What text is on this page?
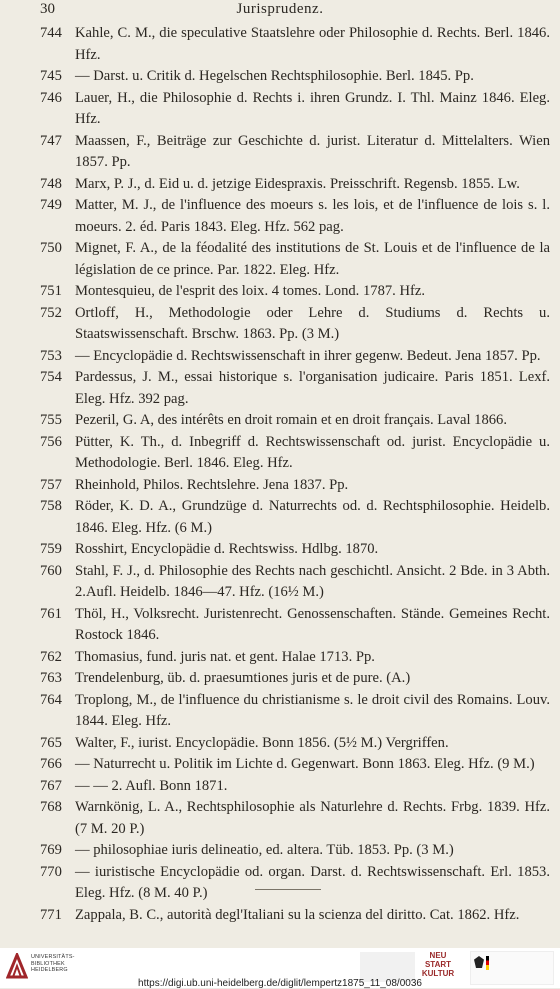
30	Jurisprudenz.
744 Kahle, C. M., die speculative Staatslehre oder Philosophie d. Rechts. Berl. 1846. Hfz.
745 — Darst. u. Critik d. Hegelschen Rechtsphilosophie. Berl. 1845. Pp.
746 Lauer, H., die Philosophie d. Rechts i. ihren Grundz. I. Thl. Mainz 1846. Eleg. Hfz.
747 Maassen, F., Beiträge zur Geschichte d. jurist. Literatur d. Mittelalters. Wien 1857. Pp.
748 Marx, P. J., d. Eid u. d. jetzige Eidespraxis. Preisschrift. Regensb. 1855. Lw.
749 Matter, M. J., de l'influence des moeurs s. les lois, et de l'influence de lois s. l. moeurs. 2. éd. Paris 1843. Eleg. Hfz. 562 pag.
750 Mignet, F. A., de la féodalité des institutions de St. Louis et de l'influence de la législation de ce prince. Par. 1822. Eleg. Hfz.
751 Montesquieu, de l'esprit des loix. 4 tomes. Lond. 1787. Hfz.
752 Ortloff, H., Methodologie oder Lehre d. Studiums d. Rechts u. Staatswissenschaft. Brschw. 1863. Pp. (3 M.)
753 — Encyclopädie d. Rechtswissenschaft in ihrer gegenw. Bedeut. Jena 1857. Pp.
754 Pardessus, J. M., essai historique s. l'organisation judicaire. Paris 1851. Lexf. Eleg. Hfz. 392 pag.
755 Pezeril, G. A, des intérêts en droit romain et en droit français. Laval 1866.
756 Pütter, K. Th., d. Inbegriff d. Rechtswissenschaft od. jurist. Encyclopädie u. Methodologie. Berl. 1846. Eleg. Hfz.
757 Rheinhold, Philos. Rechtslehre. Jena 1837. Pp.
758 Röder, K. D. A., Grundzüge d. Naturrechts od. d. Rechtsphilosophie. Heidelb. 1846. Eleg. Hfz. (6 M.)
759 Rosshirt, Encyclopädie d. Rechtswiss. Hdlbg. 1870.
760 Stahl, F. J., d. Philosophie des Rechts nach geschichtl. Ansicht. 2 Bde. in 3 Abth. 2.Aufl. Heidelb. 1846—47. Hfz. (16½ M.)
761 Thöl, H., Volksrecht. Juristenrecht. Genossenschaften. Stände. Gemeines Recht. Rostock 1846.
762 Thomasius, fund. juris nat. et gent. Halae 1713. Pp.
763 Trendelenburg, üb. d. praesumtiones juris et de pure. (A.)
764 Troplong, M., de l'influence du christianisme s. le droit civil des Romains. Louv. 1844. Eleg. Hfz.
765 Walter, F., iurist. Encyclopädie. Bonn 1856. (5½ M.) Vergriffen.
766 — Naturrecht u. Politik im Lichte d. Gegenwart. Bonn 1863. Eleg. Hfz. (9 M.)
767 — — 2. Aufl. Bonn 1871.
768 Warnkönig, L. A., Rechtsphilosophie als Naturlehre d. Rechts. Frbg. 1839. Hfz. (7 M. 20 P.)
769 — philosophiae iuris delineatio, ed. altera. Tüb. 1853. Pp. (3 M.)
770 — iuristische Encyclopädie od. organ. Darst. d. Rechtswissenschaft. Erl. 1853. Eleg. Hfz. (8 M. 40 P.)
771 Zappala, B. C., autorità degl'Italiani su la scienza del diritto. Cat. 1862. Hfz.
UNIVERSITÄTS-
BIBLIOTHEK
HEIDELBERG
NEU
START
KULTUR
https://digi.ub.uni-heidelberg.de/diglit/lempertz1875_11_08/0036
